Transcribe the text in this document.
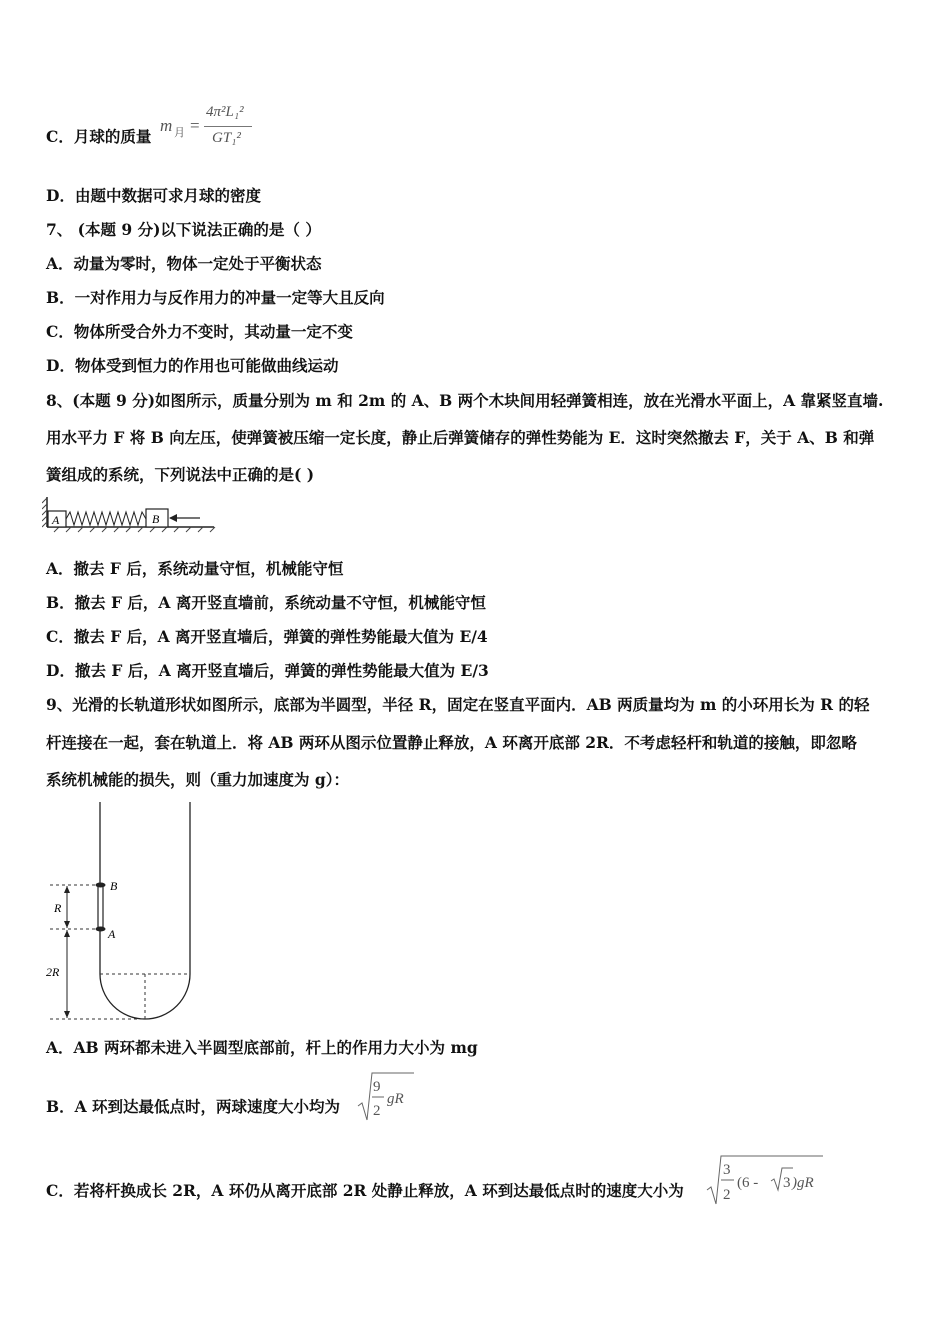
C．月球的质量
m 月 =
4π²L₁²
GT₁²
D．由题中数据可求月球的密度
7、 (本题 9 分)以下说法正确的是（ ）
A．动量为零时，物体一定处于平衡状态
B．一对作用力与反作用力的冲量一定等大且反向
C．物体所受合外力不变时，其动量一定不变
D．物体受到恒力的作用也可能做曲线运动
8、(本题 9 分)如图所示，质量分别为 m 和 2m 的 A、B 两个木块间用轻弹簧相连，放在光滑水平面上，A 靠紧竖直墙.
用水平力 F 将 B 向左压，使弹簧被压缩一定长度，静止后弹簧储存的弹性势能为 E．这时突然撤去 F，关于 A、B 和弹
簧组成的系统，下列说法中正确的是( )
A	B
A．撤去 F 后，系统动量守恒，机械能守恒
B．撤去 F 后，A 离开竖直墙前，系统动量不守恒，机械能守恒
C．撤去 F 后，A 离开竖直墙后，弹簧的弹性势能最大值为 E/4
D．撤去 F 后，A 离开竖直墙后，弹簧的弹性势能最大值为 E/3
9、光滑的长轨道形状如图所示，底部为半圆型，半径 R，固定在竖直平面内．AB 两质量均为 m 的小环用长为 R 的轻
杆连接在一起，套在轨道上．将 AB 两环从图示位置静止释放，A 环离开底部 2R．不考虑轻杆和轨道的接触，即忽略
系统机械能的损失，则（重力加速度为 g）：
B
A
R
2R
A．AB 两环都未进入半圆型底部前，杆上的作用力大小为 mg
B．A 环到达最低点时，两球速度大小均为
9
2
gR
C．若将杆换成长 2R，A 环仍从离开底部 2R 处静止释放，A 环到达最低点时的速度大小为
3
2
(6 - 3 )gR
